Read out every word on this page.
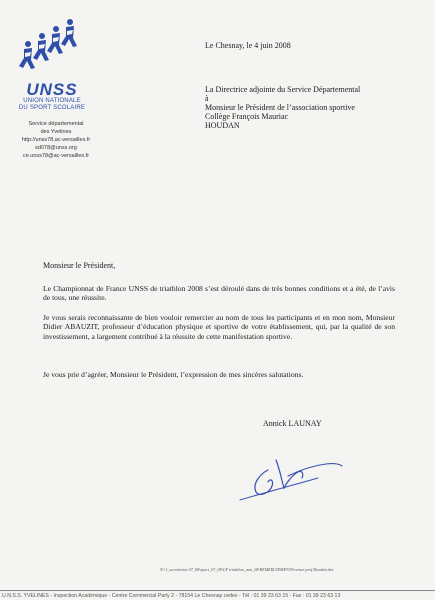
UNSS
UNION NATIONALE
DU SPORT SCOLAIRE
Service départemental
des Yvelines
http://unss78.ac-versailles.fr
sd078@unss.org
ce.unss78@ac-versailles.fr
Le Chesnay, le 4 juin 2008
La Directrice adjointe du Service Départemental
à
Monsieur le Président de l’association sportive
Collège François Mauriac
HOUDAN
Monsieur le Président,
Le Championnat de France UNSS de triathlon 2008 s’est déroulé dans de très bonnes conditions et a été, de l’avis de tous, une réussite.
Je vous serais reconnaissante de bien vouloir remercier au nom de tous les participants et en mon nom, Monsieur Didier ABAUZIT, professeur d’éducation physique et sportive de votre établissement, qui, par la qualité de son investissement, a largement contribué à la réussite de cette manifestation sportive.
Je vous prie d’agréer, Monsieur le Président, l’expression de mes sincères salutations.
Annick LAUNAY
N:\1_secrétariat 07_08\sport_07_08\CF triathlon_mai_08\REMERCIEMENTS\remer prof Houdan.doc
U.N.S.S. YVELINES - Inspection Académique - Centre Commercial Parly 2 - 78154 Le Chesnay cedex - Tél : 01 39 23 63 15 - Fax : 01 39 23 63 13
